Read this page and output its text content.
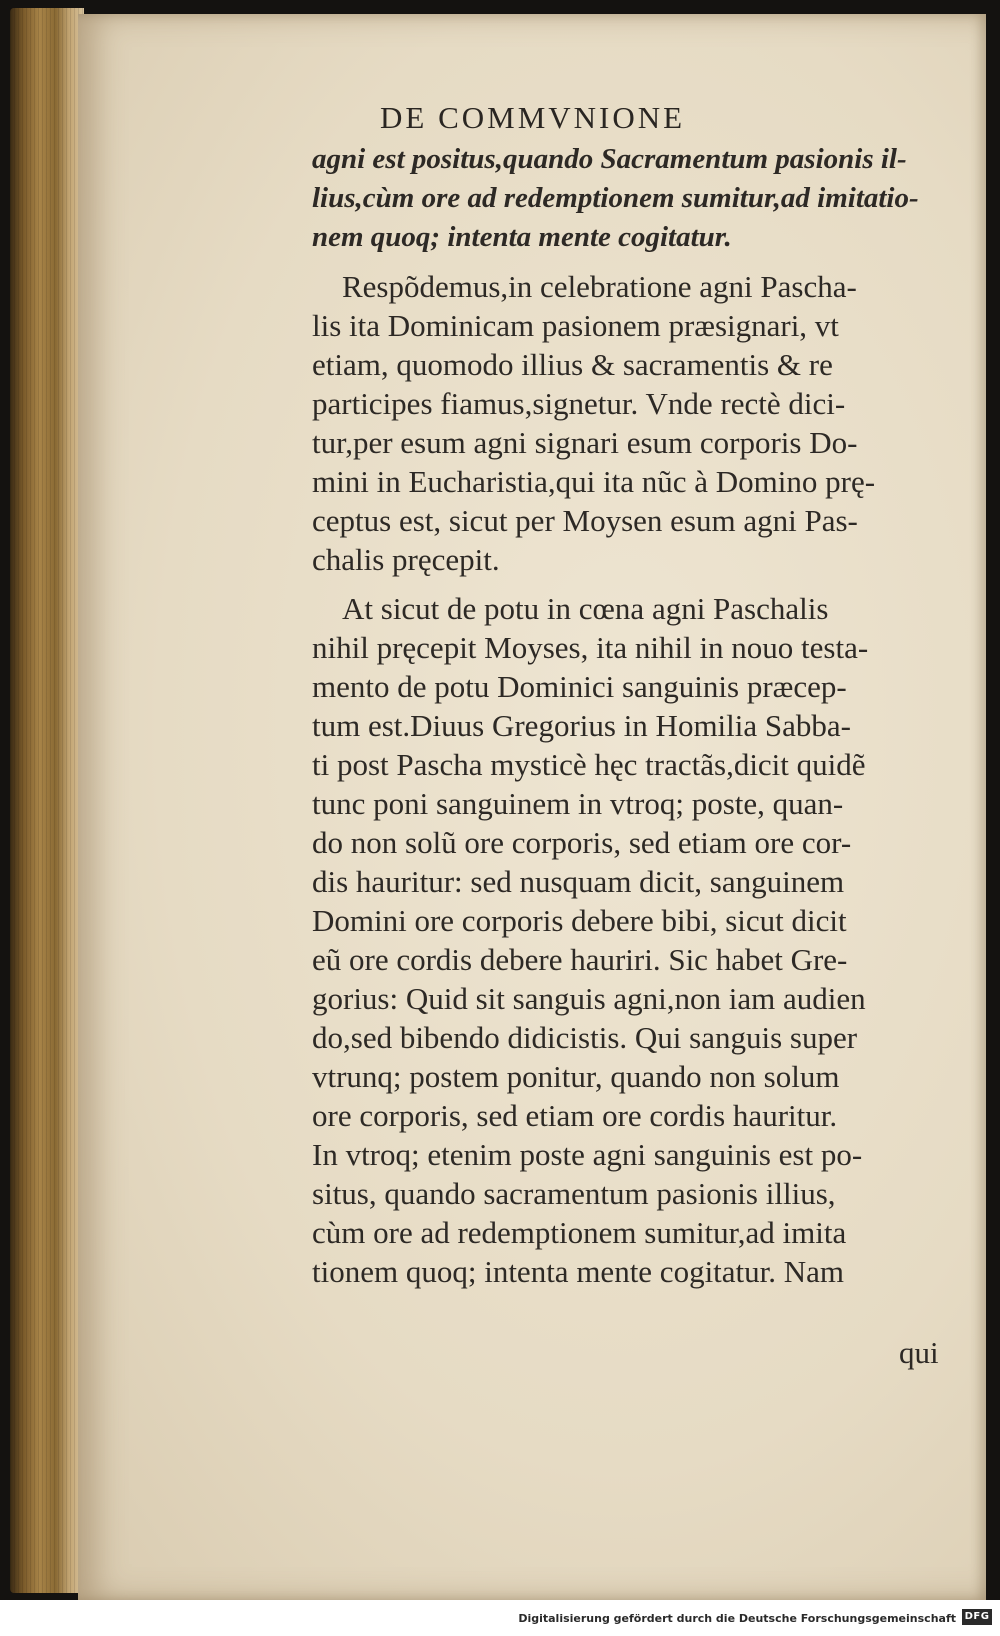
DE COMMVNIONE
agni est positus,quando Sacramentum pasionis il-
lius,cùm ore ad redemptionem sumitur,ad imitatio-
nem quoq; intenta mente cogitatur.
Respõdemus,in celebratione agni Pascha-
lis ita Dominicam pasionem præsignari, vt
etiam, quomodo illius & sacramentis & re
participes fiamus,signetur. Vnde rectè dici-
tur,per esum agni signari esum corporis Do-
mini in Eucharistia,qui ita nũc à Domino prę-
ceptus est, sicut per Moysen esum agni Pas-
chalis pręcepit.
At sicut de potu in cœna agni Paschalis
nihil pręcepit Moyses, ita nihil in nouo testa-
mento de potu Dominici sanguinis præcep-
tum est.Diuus Gregorius in Homilia Sabba-
ti post Pascha mysticè hęc tractãs,dicit quidẽ
tunc poni sanguinem in vtroq; poste, quan-
do non solũ ore corporis, sed etiam ore cor-
dis hauritur: sed nusquam dicit, sanguinem
Domini ore corporis debere bibi, sicut dicit
eũ ore cordis debere hauriri. Sic habet Gre-
gorius: Quid sit sanguis agni,non iam audien
do,sed bibendo didicistis. Qui sanguis super
vtrunq; postem ponitur, quando non solum
ore corporis, sed etiam ore cordis hauritur.
In vtroq; etenim poste agni sanguinis est po-
situs, quando sacramentum pasionis illius,
cùm ore ad redemptionem sumitur,ad imita
tionem quoq; intenta mente cogitatur. Nam
qui
Digitalisierung gefördert durch die Deutsche Forschungsgemeinschaft DFG
